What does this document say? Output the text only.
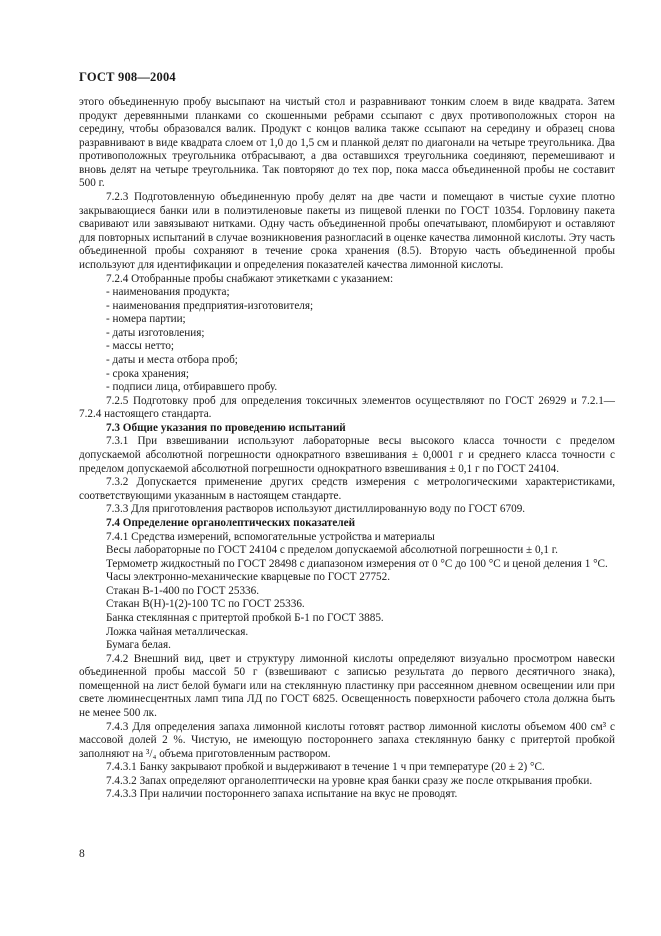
ГОСТ 908—2004

этого объединенную пробу высыпают на чистый стол и разравнивают тонким слоем в виде квадрата. Затем продукт деревянными планками со скошенными ребрами ссыпают с двух противоположных сторон на середину, чтобы образовался валик. Продукт с концов валика также ссыпают на середину и образец снова разравнивают в виде квадрата слоем от 1,0 до 1,5 см и планкой делят по диагонали на четыре треугольника. Два противоположных треугольника отбрасывают, а два оставшихся треугольника соединяют, перемешивают и вновь делят на четыре треугольника. Так повторяют до тех пор, пока масса объединенной пробы не составит 500 г.

7.2.3 Подготовленную объединенную пробу делят на две части и помещают в чистые сухие плотно закрывающиеся банки или в полиэтиленовые пакеты из пищевой пленки по ГОСТ 10354. Горловину пакета сваривают или завязывают нитками. Одну часть объединенной пробы опечатывают, пломбируют и оставляют для повторных испытаний в случае возникновения разногласий в оценке качества лимонной кислоты. Эту часть объединенной пробы сохраняют в течение срока хранения (8.5). Вторую часть объединенной пробы используют для идентификации и определения показателей качества лимонной кислоты.

7.2.4 Отобранные пробы снабжают этикетками с указанием:

- наименования продукта;

- наименования предприятия-изготовителя;

- номера партии;

- даты изготовления;

- массы нетто;

- даты и места отбора проб;

- срока хранения;

- подписи лица, отбиравшего пробу.

7.2.5 Подготовку проб для определения токсичных элементов осуществляют по ГОСТ 26929 и 7.2.1—7.2.4 настоящего стандарта.

7.3 Общие указания по проведению испытаний

7.3.1 При взвешивании используют лабораторные весы высокого класса точности с пределом допускаемой абсолютной погрешности однократного взвешивания ± 0,0001 г и среднего класса точности с пределом допускаемой абсолютной погрешности однократного взвешивания ± 0,1 г по ГОСТ 24104.

7.3.2 Допускается применение других средств измерения с метрологическими характеристиками, соответствующими указанным в настоящем стандарте.

7.3.3 Для приготовления растворов используют дистиллированную воду по ГОСТ 6709.

7.4 Определение органолептических показателей

7.4.1 Средства измерений, вспомогательные устройства и материалы

Весы лабораторные по ГОСТ 24104 с пределом допускаемой абсолютной погрешности ± 0,1 г.

Термометр жидкостный по ГОСТ 28498 с диапазоном измерения от 0 °С до 100 °С и ценой деления 1 °С.

Часы электронно-механические кварцевые по ГОСТ 27752.

Стакан В-1-400 по ГОСТ 25336.

Стакан В(Н)-1(2)-100 ТС по ГОСТ 25336.

Банка стеклянная с притертой пробкой Б-1 по ГОСТ 3885.

Ложка чайная металлическая.

Бумага белая.

7.4.2 Внешний вид, цвет и структуру лимонной кислоты определяют визуально просмотром навески объединенной пробы массой 50 г (взвешивают с записью результата до первого десятичного знака), помещенной на лист белой бумаги или на стеклянную пластинку при рассеянном дневном освещении или при свете люминесцентных ламп типа ЛД по ГОСТ 6825. Освещенность поверхности рабочего стола должна быть не менее 500 лк.

7.4.3 Для определения запаха лимонной кислоты готовят раствор лимонной кислоты объемом 400 см³ с массовой долей 2 %. Чистую, не имеющую постороннего запаха стеклянную банку с притертой пробкой заполняют на ³/₄ объема приготовленным раствором.

7.4.3.1 Банку закрывают пробкой и выдерживают в течение 1 ч при температуре (20 ± 2) °С.

7.4.3.2 Запах определяют органолептически на уровне края банки сразу же после открывания пробки.

7.4.3.3 При наличии постороннего запаха испытание на вкус не проводят.

8
